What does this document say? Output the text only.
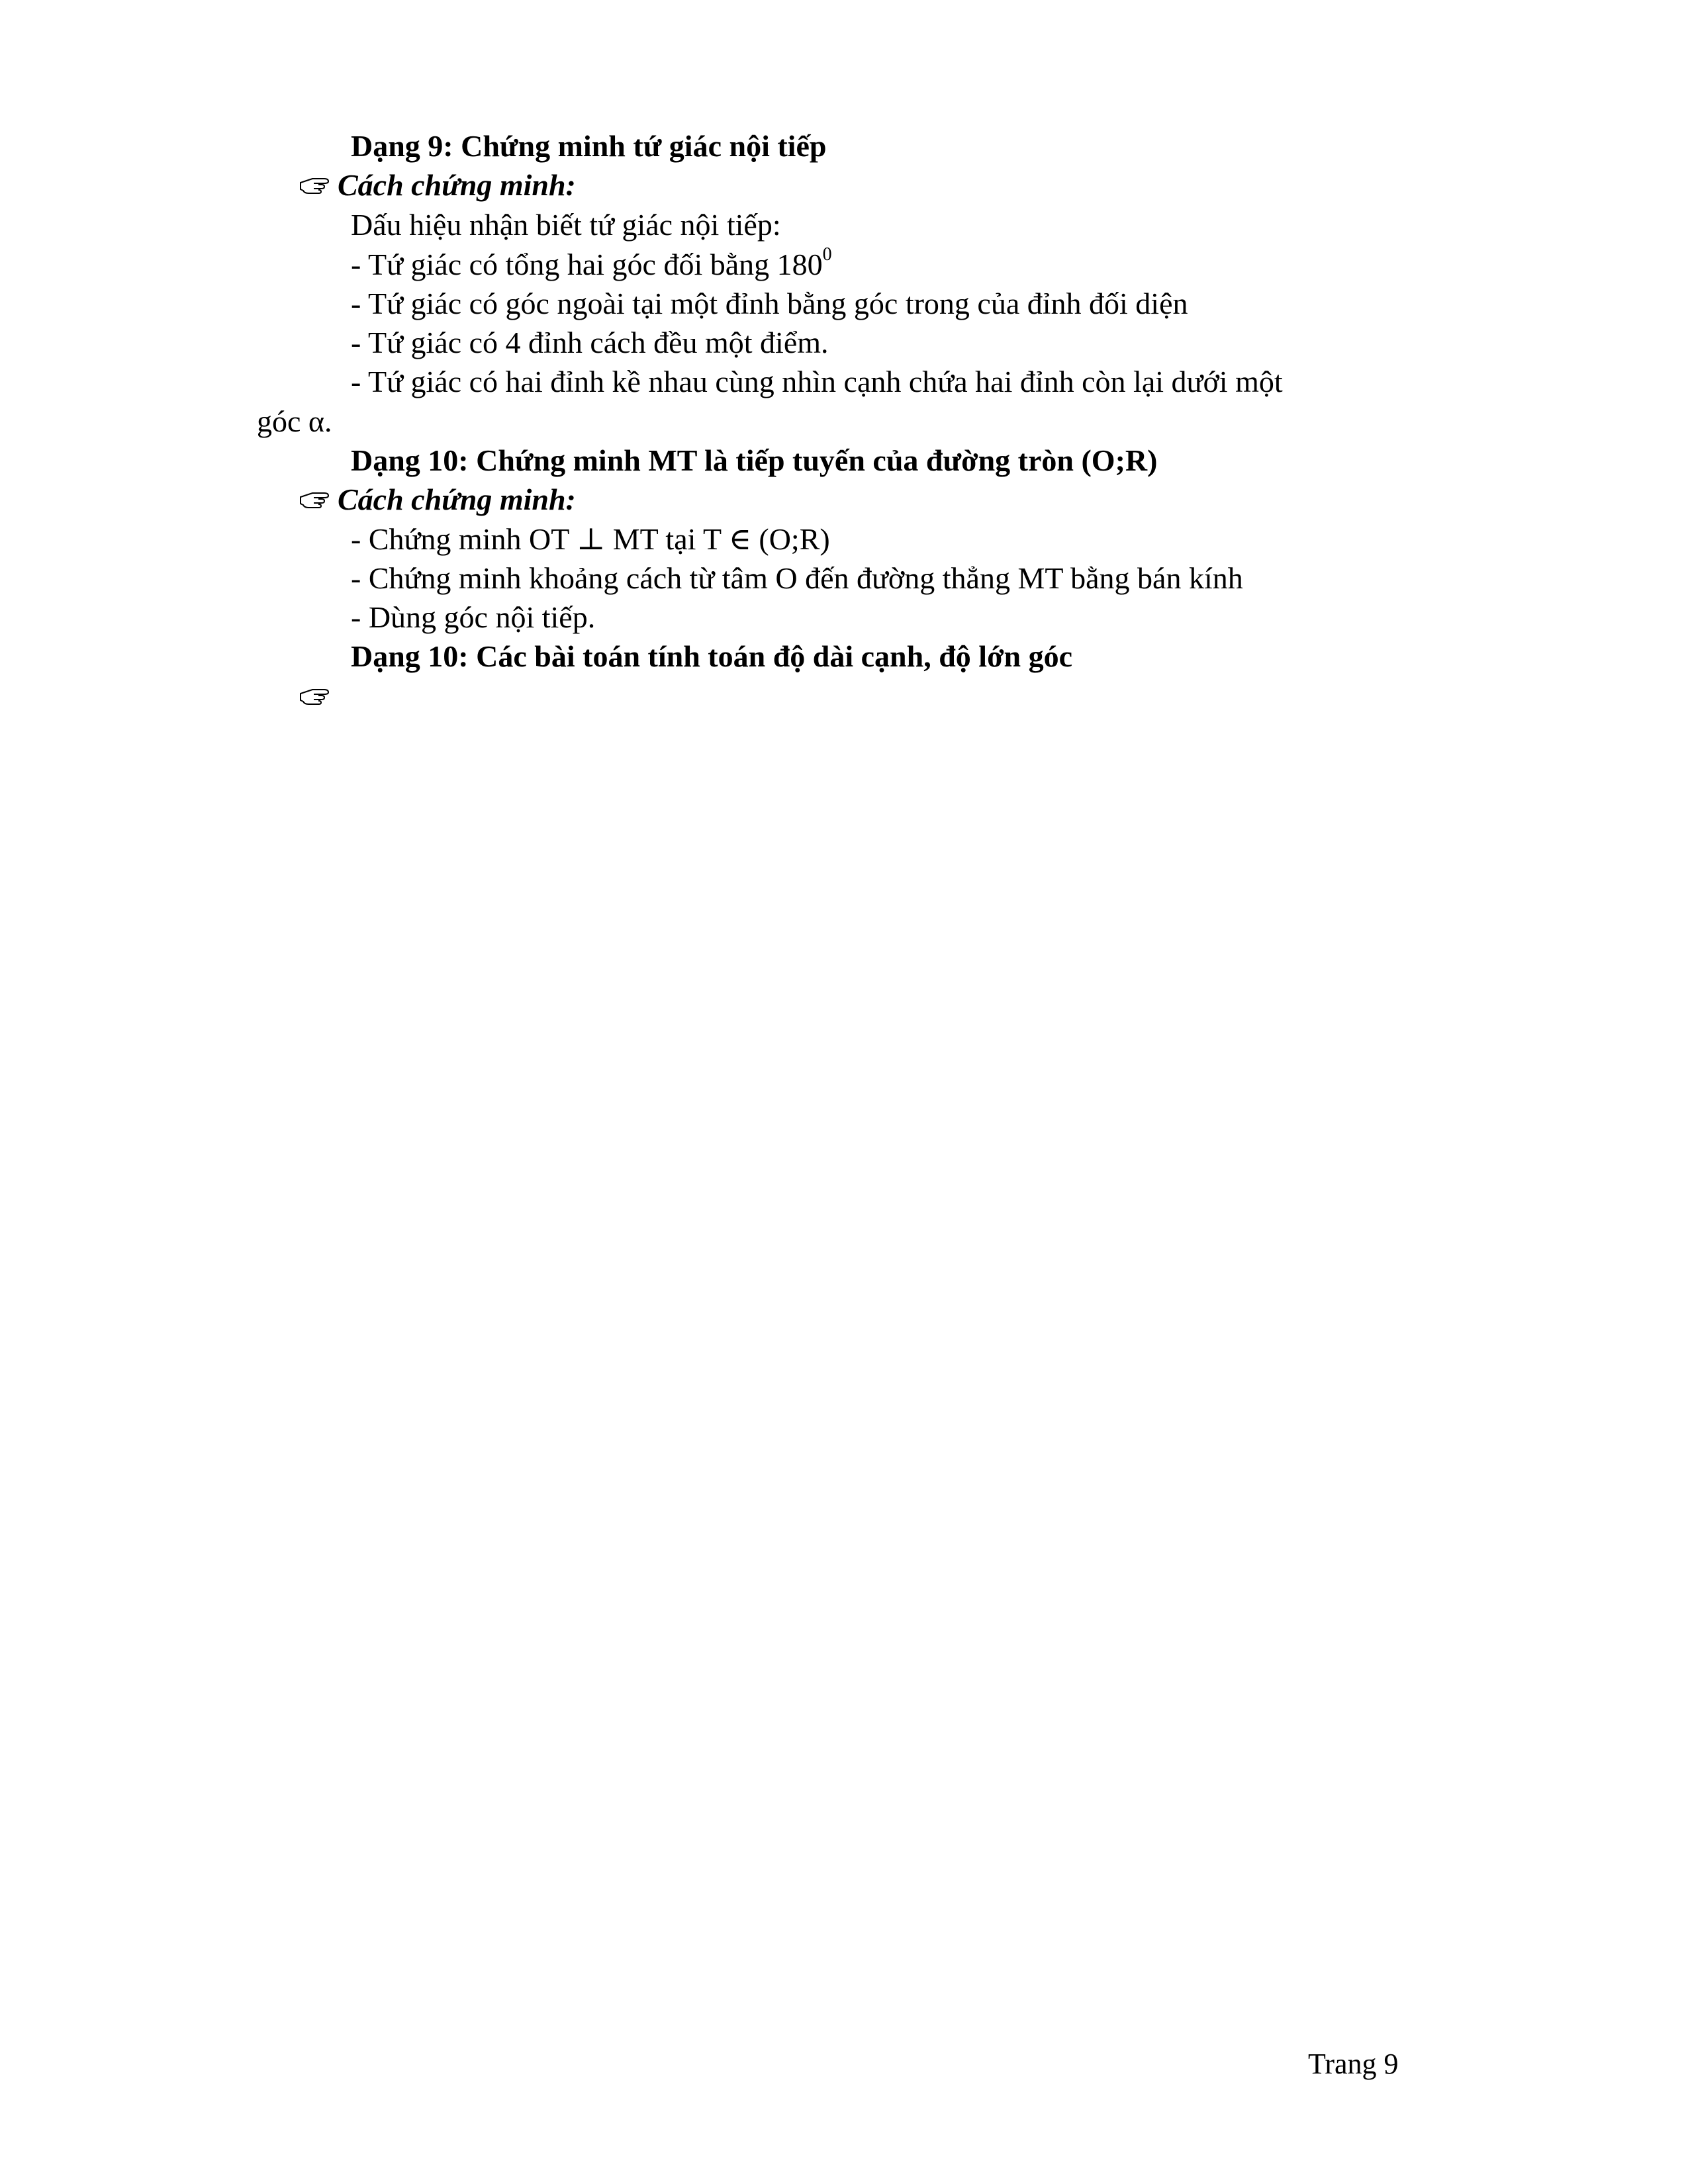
Dạng 9: Chứng minh tứ giác nội tiếp
Cách chứng minh:
Dấu hiệu nhận biết tứ giác nội tiếp:
- Tứ giác có tổng hai góc đối bằng $180^0$
- Tứ giác có góc ngoài tại một đỉnh bằng góc trong của đỉnh đối diện
- Tứ giác có 4 đỉnh cách đều một điểm.
- Tứ giác có hai đỉnh kề nhau cùng nhìn cạnh chứa hai đỉnh còn lại dưới một
góc α.
Dạng 10: Chứng minh MT là tiếp tuyến của đường tròn (O;R)
Cách chứng minh:
- Chứng minh OT ⊥ MT tại T ∈ (O;R)
- Chứng minh khoảng cách từ tâm O đến đường thẳng MT bằng bán kính
- Dùng góc nội tiếp.
Dạng 10: Các bài toán tính toán độ dài cạnh, độ lớn góc
Trang 9
